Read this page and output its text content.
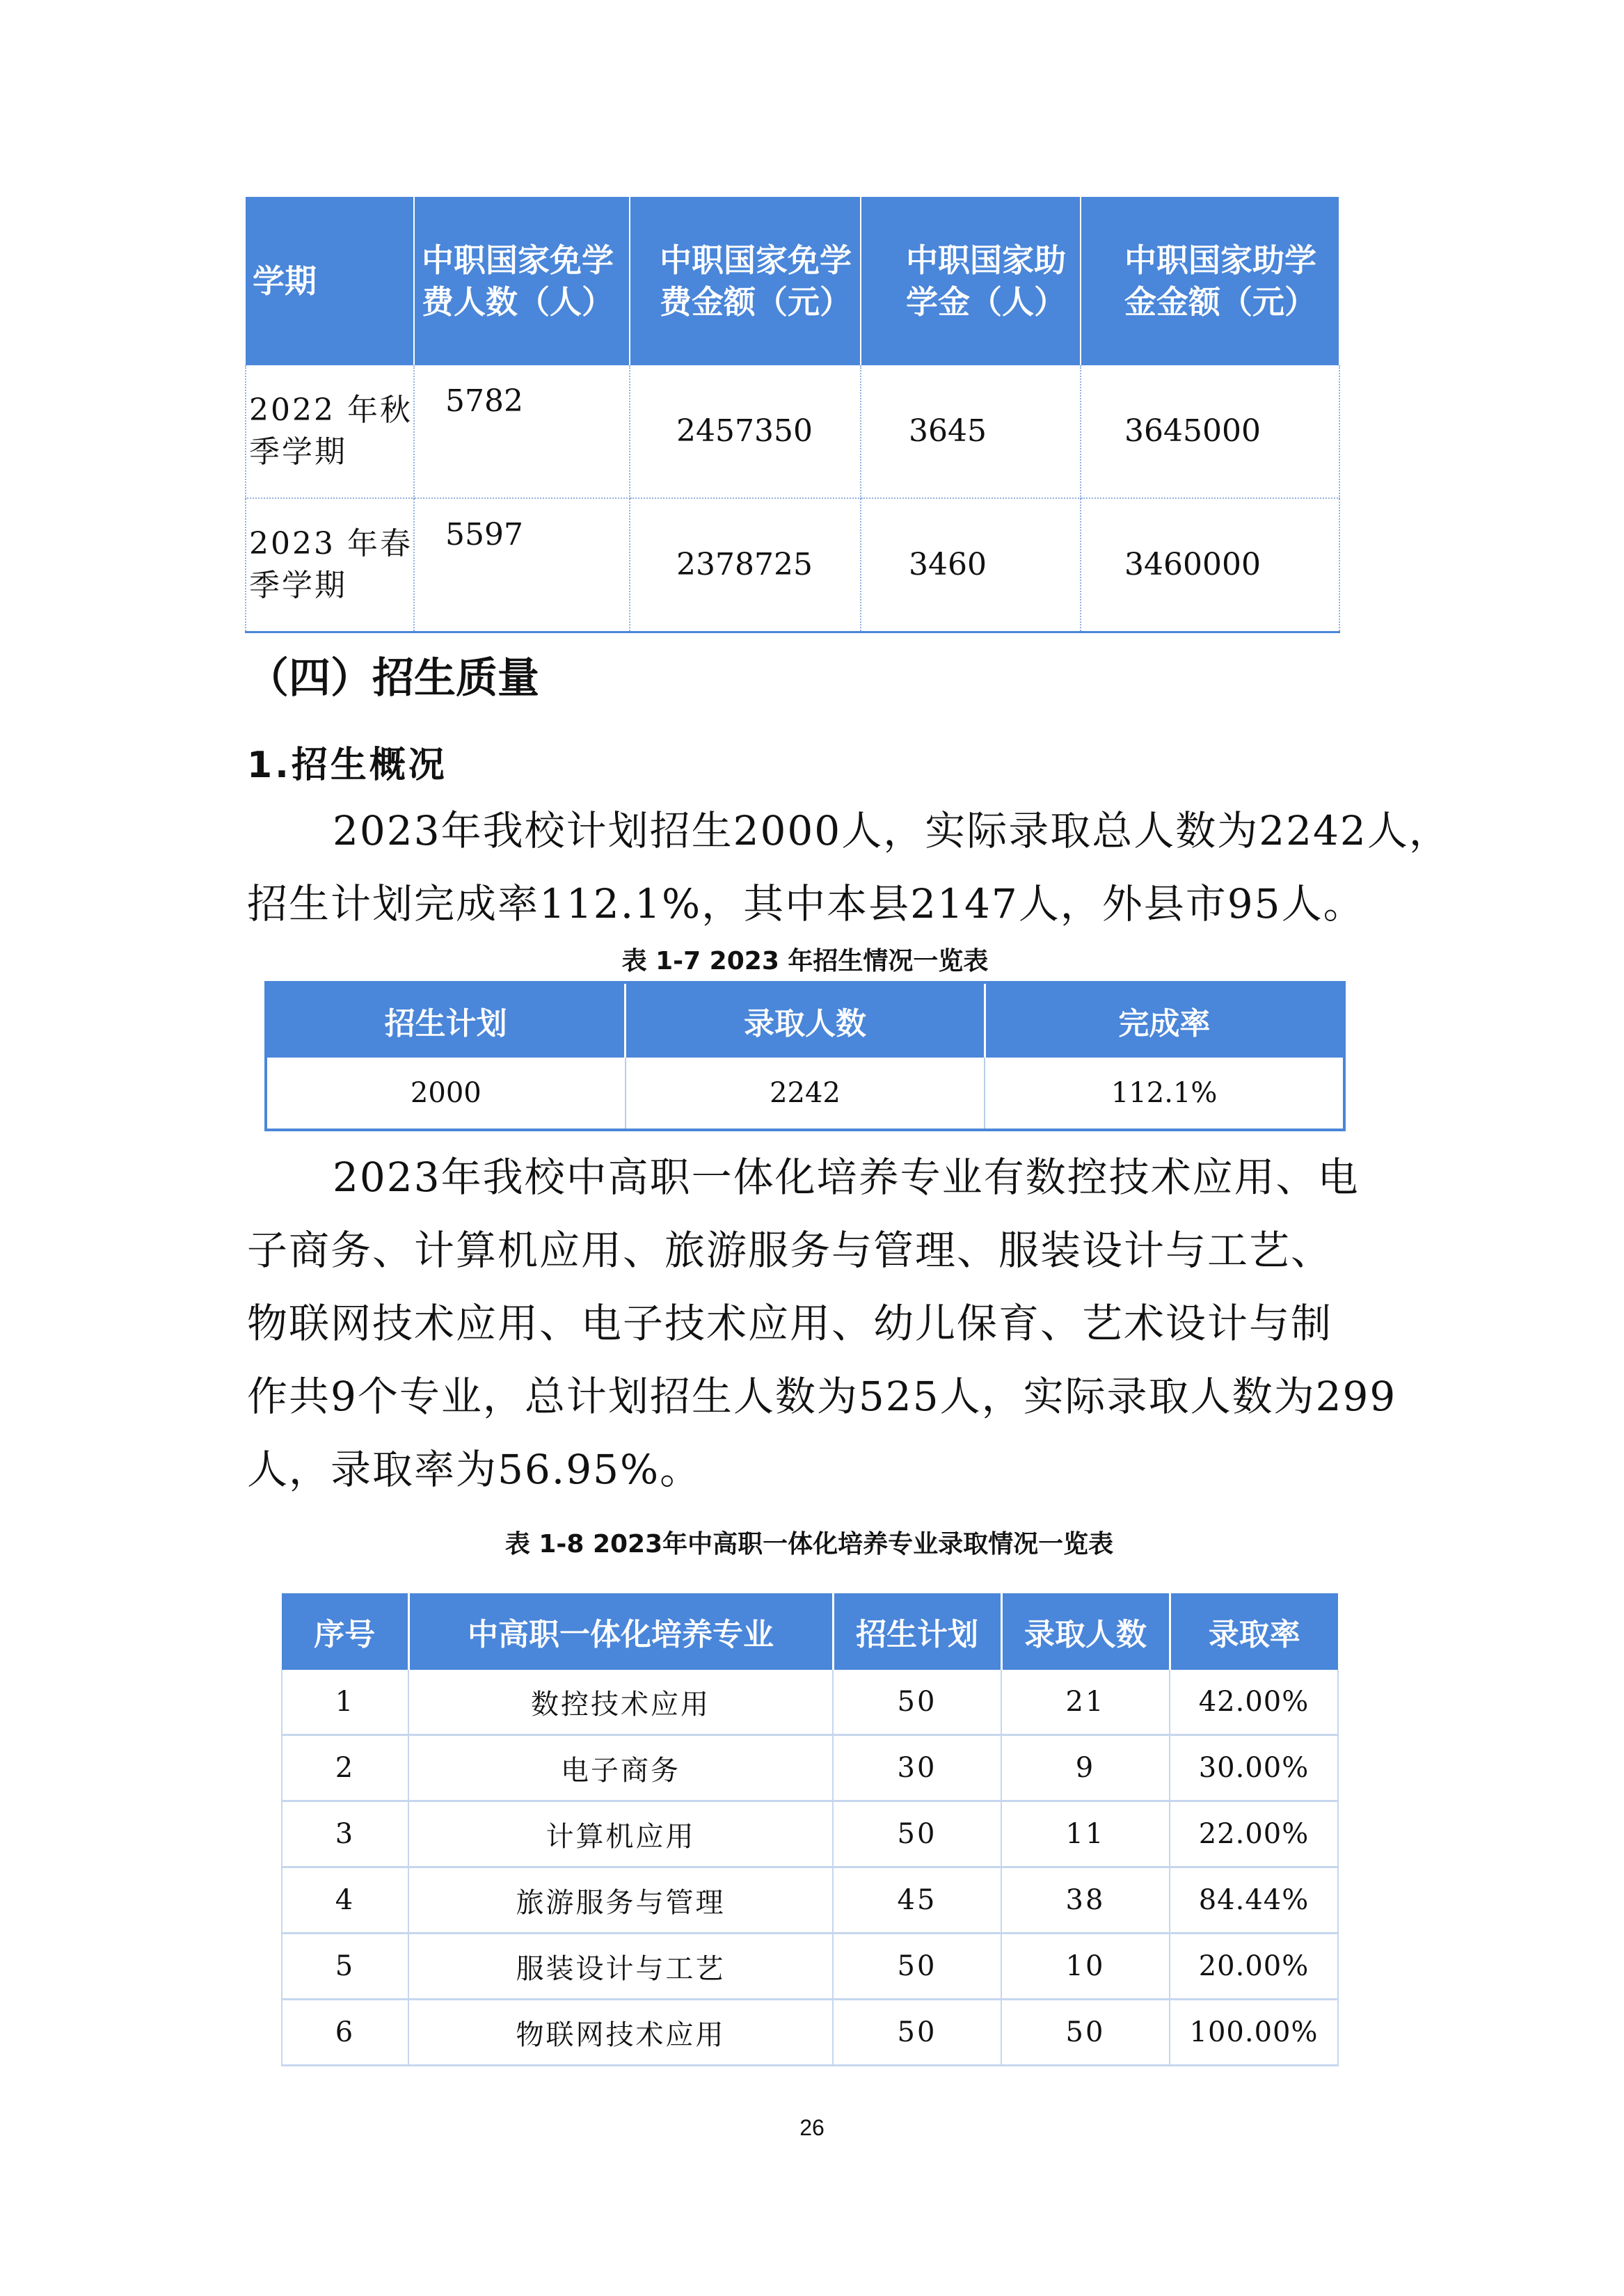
学期	中职国家免学费人数（人）	中职国家免学费金额（元）	中职国家助学金（人）	中职国家助学金金额（元）
2022 年秋季学期	5782	2457350	3645	3645000
2023 年春季学期	5597	2378725	3460	3460000
（四）招生质量
1.招生概况
2023年我校计划招生2000人，实际录取总人数为2242人，
招生计划完成率112.1%，其中本县2147人，外县市95人。
表 1-7 2023 年招生情况一览表
招生计划	录取人数	完成率
2000	2242	112.1%
2023年我校中高职一体化培养专业有数控技术应用、电
子商务、计算机应用、旅游服务与管理、服装设计与工艺、
物联网技术应用、电子技术应用、幼儿保育、艺术设计与制
作共9个专业，总计划招生人数为525人，实际录取人数为299
人，录取率为56.95%。
表 1-8 2023年中高职一体化培养专业录取情况一览表
序号	中高职一体化培养专业	招生计划	录取人数	录取率
1	数控技术应用	50	21	42.00%
2	电子商务	30	9	30.00%
3	计算机应用	50	11	22.00%
4	旅游服务与管理	45	38	84.44%
5	服装设计与工艺	50	10	20.00%
6	物联网技术应用	50	50	100.00%
26
